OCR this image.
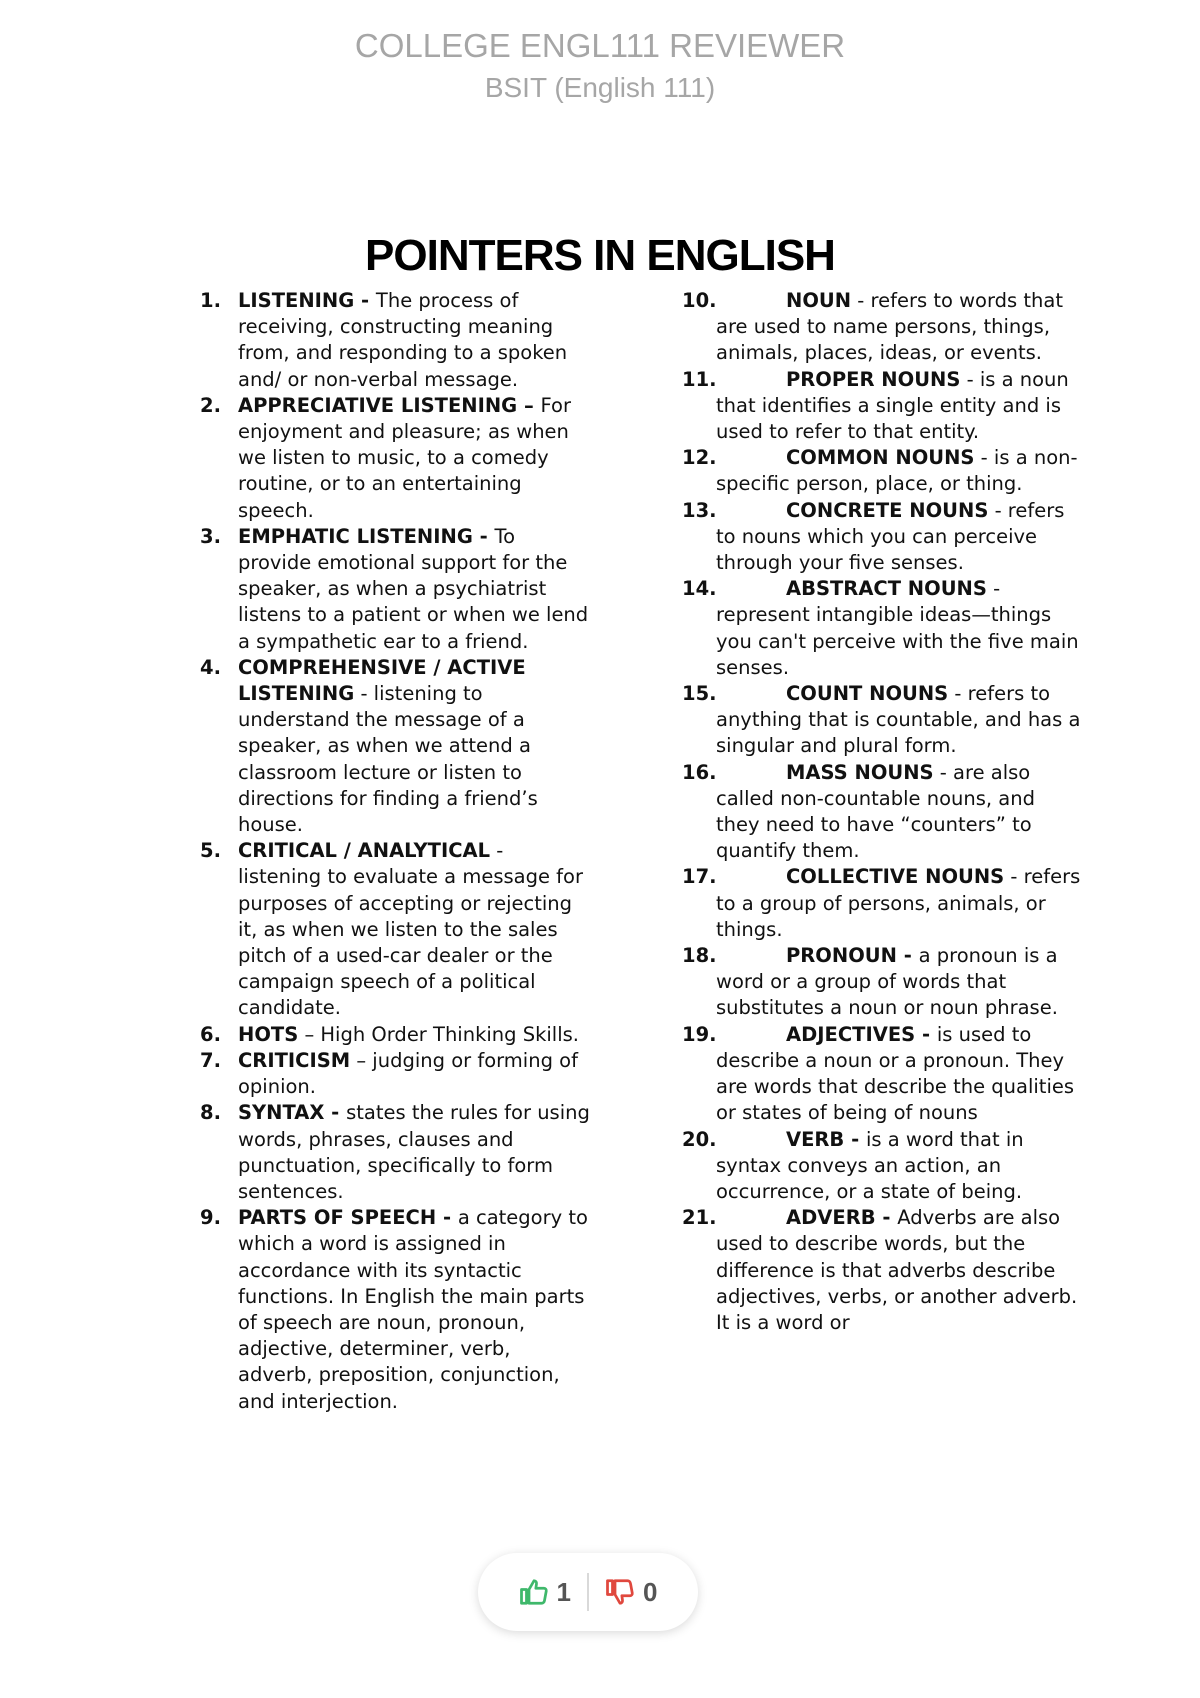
COLLEGE ENGL111 REVIEWER

BSIT (English 111)

POINTERS IN ENGLISH

1. LISTENING - The process of receiving, constructing meaning from, and responding to a spoken and/ or non-verbal message.

2. APPRECIATIVE LISTENING – For enjoyment and pleasure; as when we listen to music, to a comedy routine, or to an entertaining speech.

3. EMPHATIC LISTENING - To provide emotional support for the speaker, as when a psychiatrist listens to a patient or when we lend a sympathetic ear to a friend.

4. COMPREHENSIVE / ACTIVE LISTENING - listening to understand the message of a speaker, as when we attend a classroom lecture or listen to directions for finding a friend’s house.

5. CRITICAL / ANALYTICAL - listening to evaluate a message for purposes of accepting or rejecting it, as when we listen to the sales pitch of a used-car dealer or the campaign speech of a political candidate.

6. HOTS – High Order Thinking Skills.

7. CRITICISM – judging or forming of opinion.

8. SYNTAX - states the rules for using words, phrases, clauses and punctuation, specifically to form sentences.

9. PARTS OF SPEECH - a category to which a word is assigned in accordance with its syntactic functions. In English the main parts of speech are noun, pronoun, adjective, determiner, verb, adverb, preposition, conjunction, and interjection.

10.	NOUN - refers to words that are used to name persons, things, animals, places, ideas, or events.

11.	PROPER NOUNS - is a noun that identifies a single entity and is used to refer to that entity.

12.	COMMON NOUNS - is a non-specific person, place, or thing.

13.	CONCRETE NOUNS - refers to nouns which you can perceive through your five senses.

14.	ABSTRACT NOUNS - represent intangible ideas—things you can't perceive with the five main senses.

15.	COUNT NOUNS - refers to anything that is countable, and has a singular and plural form.

16.	MASS NOUNS - are also called non-countable nouns, and they need to have “counters” to quantify them.

17.	COLLECTIVE NOUNS - refers to a group of persons, animals, or things.

18.	PRONOUN - a pronoun is a word or a group of words that substitutes a noun or noun phrase.

19.	ADJECTIVES - is used to describe a noun or a pronoun. They are words that describe the qualities or states of being of nouns

20.	VERB - is a word that in syntax conveys an action, an occurrence, or a state of being.

21.	ADVERB - Adverbs are also used to describe words, but the difference is that adverbs describe adjectives, verbs, or another adverb. It is a word or

1	0
